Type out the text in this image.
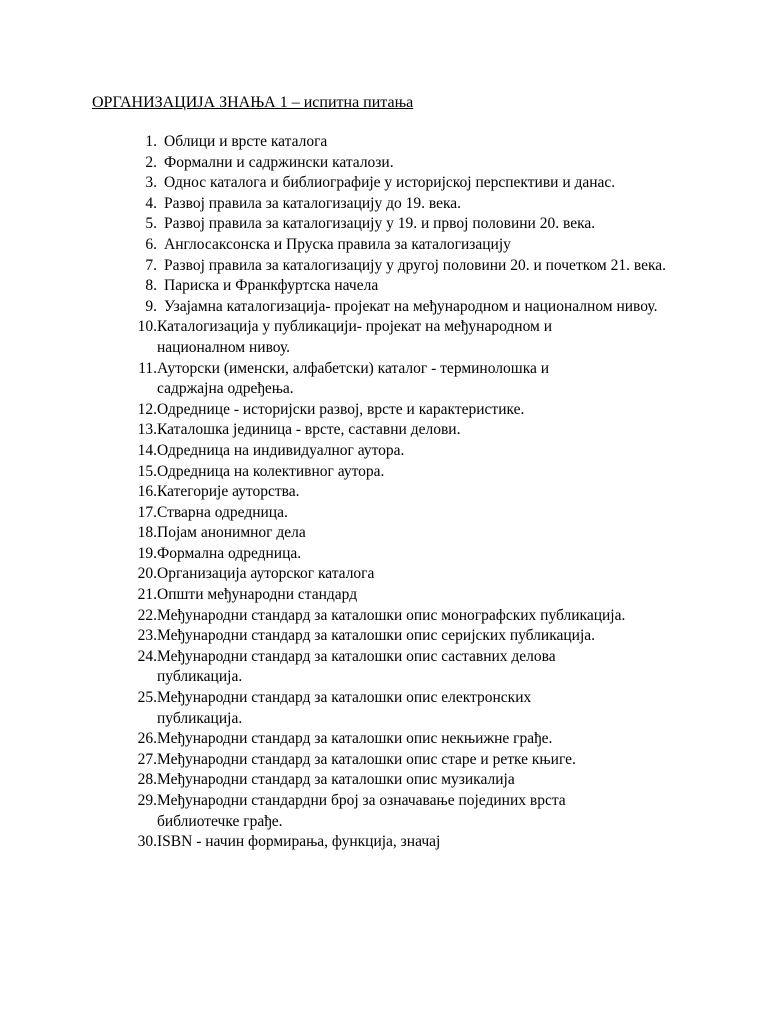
ОРГАНИЗАЦИЈА ЗНАЊА 1 – испитна питања
1. Облици и врсте каталога
2. Формални и садржински каталози.
3. Однос каталога и библиографије у историјској перспективи и данас.
4. Развој правила за каталогизацију до 19. века.
5. Развој правила за каталогизацију у 19. и првој половини 20. века.
6. Англосаксонска и Пруска правила за каталогизацију
7. Развој правила за каталогизацију у другој половини 20. и почетком 21. века.
8. Париска и Франкфуртска начела
9. Узајамна каталогизација- пројекат на међународном и националном нивоу.
10. Каталогизација у публикацији- пројекат на међународном и националном нивоу.
11. Ауторски (именски, алфабетски) каталог - терминолошка и садржајна одређења.
12. Одреднице - историјски развој, врсте и карактеристике.
13. Каталошка јединица - врсте, саставни делови.
14. Одредница на индивидуалног аутора.
15. Одредница на колективног аутора.
16. Категорије ауторства.
17. Стварна одредница.
18. Појам анонимног дела
19. Формална одредница.
20. Организација ауторског каталога
21. Општи међународни стандард
22. Међународни стандард за каталошки опис монографских публикација.
23. Међународни стандард за каталошки опис серијских публикација.
24. Међународни стандард за каталошки опис саставних делова публикација.
25. Међународни стандард за каталошки опис електронских публикација.
26. Међународни стандард за каталошки опис некњижне грађе.
27. Међународни стандард за каталошки опис старе и ретке књиге.
28. Међународни стандард за каталошки опис музикалија
29. Међународни стандардни број за означавање појединих врста библиотечке грађе.
30. ISBN - начин формирања, функција, значај
